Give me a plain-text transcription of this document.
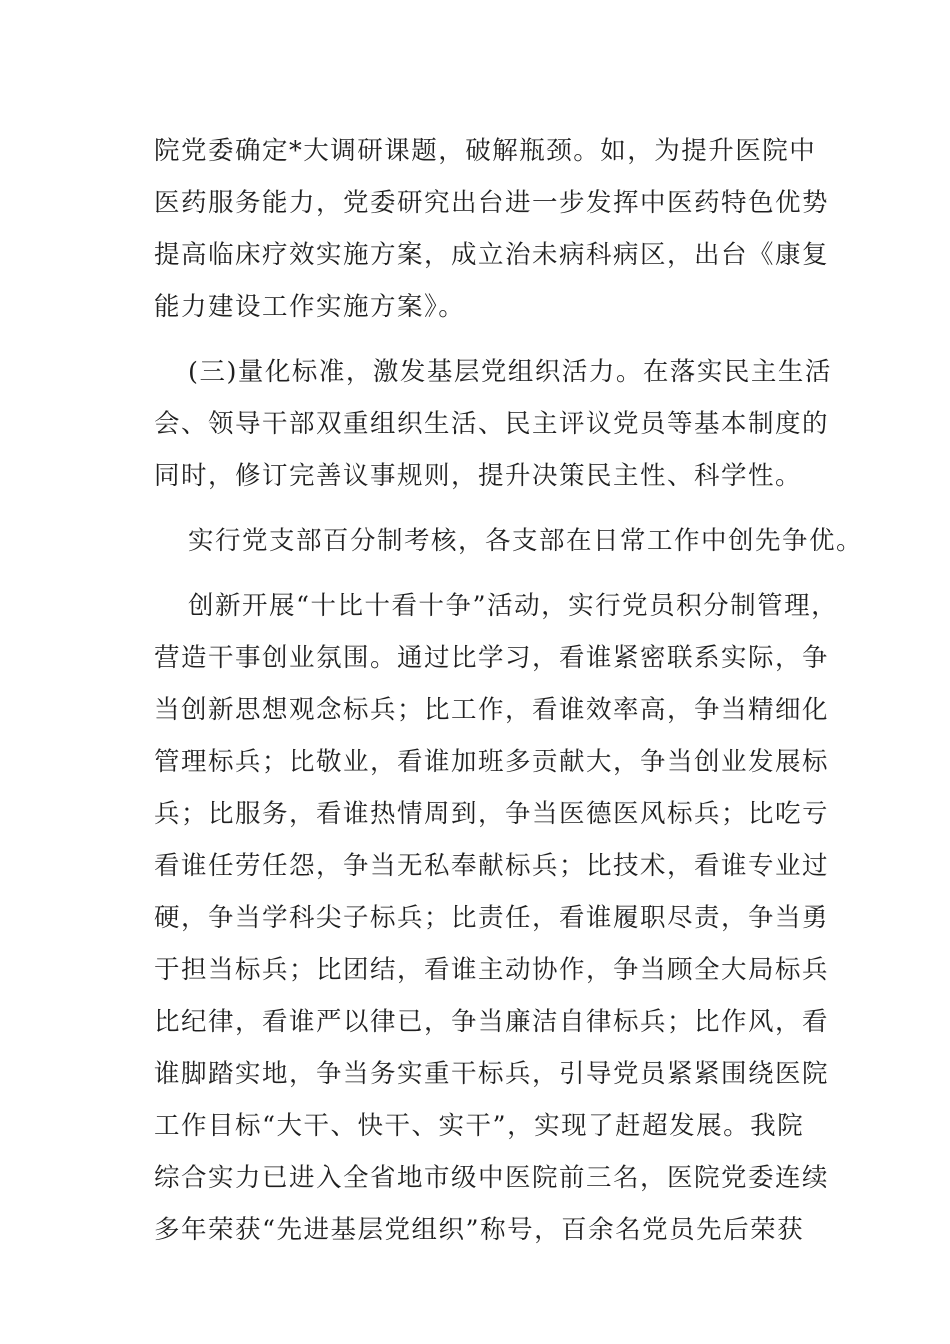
院党委确定*大调研课题，破解瓶颈。如，为提升医院中
医药服务能力，党委研究出台进一步发挥中医药特色优势
提高临床疗效实施方案，成立治未病科病区，出台《康复
能力建设工作实施方案》。

(三)量化标准，激发基层党组织活力。在落实民主生活
会、领导干部双重组织生活、民主评议党员等基本制度的
同时，修订完善议事规则，提升决策民主性、科学性。

实行党支部百分制考核，各支部在日常工作中创先争优。

创新开展“十比十看十争”活动，实行党员积分制管理，
营造干事创业氛围。通过比学习，看谁紧密联系实际，争
当创新思想观念标兵；比工作，看谁效率高，争当精细化
管理标兵；比敬业，看谁加班多贡献大，争当创业发展标
兵；比服务，看谁热情周到，争当医德医风标兵；比吃亏
看谁任劳任怨，争当无私奉献标兵；比技术，看谁专业过
硬，争当学科尖子标兵；比责任，看谁履职尽责，争当勇
于担当标兵；比团结，看谁主动协作，争当顾全大局标兵
比纪律，看谁严以律已，争当廉洁自律标兵；比作风，看
谁脚踏实地，争当务实重干标兵，引导党员紧紧围绕医院
工作目标“大干、快干、实干”，实现了赶超发展。我院
综合实力已进入全省地市级中医院前三名，医院党委连续
多年荣获“先进基层党组织”称号，百余名党员先后荣获
